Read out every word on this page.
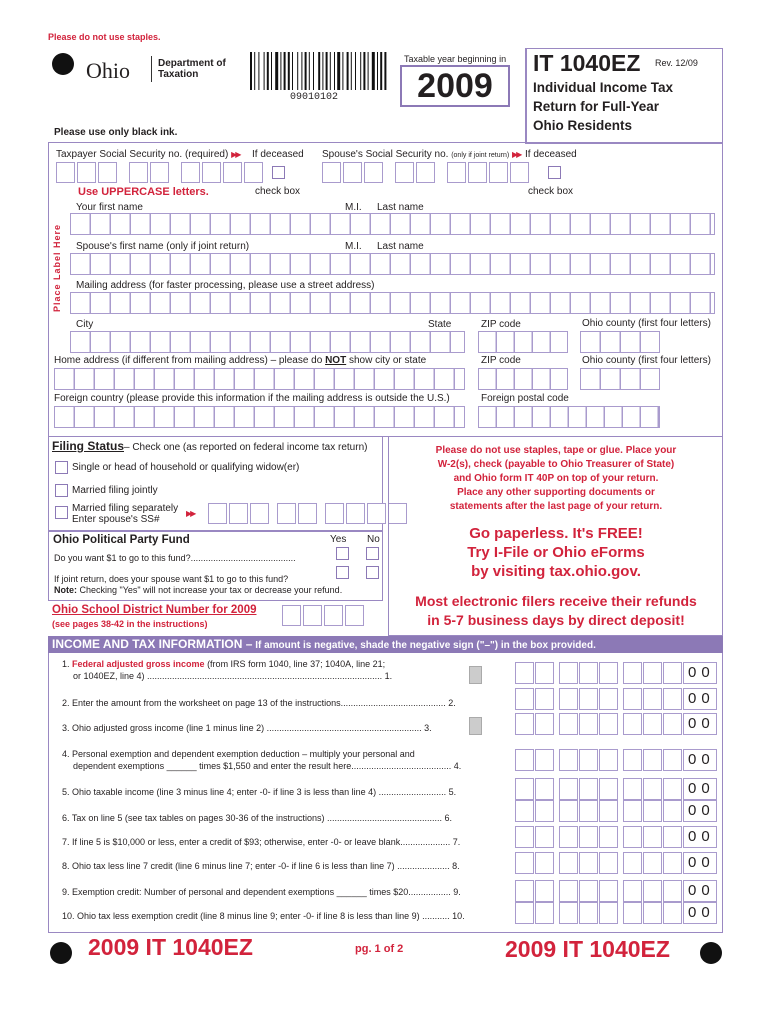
Please do not use staples.
Ohio	Department of
Taxation
09010102
Taxable year beginning in
2009
IT 1040EZ Rev. 12/09
Individual Income Tax
Return for Full-Year
Ohio Residents
Please use only black ink.
Taxpayer Social Security no. (required) ▶▶ If deceased Spouse's Social Security no. (only if joint return) ▶▶ If deceased
check box	check box
Use UPPERCASE letters.
Place Label Here
Your first name	M.I. Last name
Spouse's first name (only if joint return)	M.I. Last name
Mailing address (for faster processing, please use a street address)
City	State	ZIP code	Ohio county (first four letters)
Home address (if different from mailing address) – please do NOT show city or state	ZIP code	Ohio county (first four letters)
Foreign country (please provide this information if the mailing address is outside the U.S.)	Foreign postal code
Filing Status– Check one (as reported on federal income tax return)
Single or head of household or qualifying widow(er)
Married filing jointly
Married filing separately
Enter spouse's SS#
▶▶
Ohio Political Party Fund	Yes No
Do you want $1 to go to this fund?..........................................
If joint return, does your spouse want $1 to go to this fund?
Note: Checking "Yes" will not increase your tax or decrease your refund.
Ohio School District Number for 2009
(see pages 38-42 in the instructions)
Please do not use staples, tape or glue. Place your
W-2(s), check (payable to Ohio Treasurer of State)
and Ohio form IT 40P on top of your return.
Place any other supporting documents or
statements after the last page of your return.
Go paperless. It's FREE!
Try I-File or Ohio eForms
by visiting tax.ohio.gov.
Most electronic filers receive their refunds
in 5-7 business days by direct deposit!
INCOME AND TAX INFORMATION – If amount is negative, shade the negative sign ("–") in the box provided.
1. Federal adjusted gross income (from IRS form 1040, line 37; 1040A, line 21;
or 1040EZ, line 4) .............................................................................................. 1.	00
2. Enter the amount from the worksheet on page 13 of the instructions.......................................... 2.	00
3. Ohio adjusted gross income (line 1 minus line 2) .............................................................. 3.	00
4. Personal exemption and dependent exemption deduction – multiply your personal and
dependent exemptions ______ times $1,550 and enter the result here........................................ 4.	00
5. Ohio taxable income (line 3 minus line 4; enter -0- if line 3 is less than line 4) ........................... 5.	00
6. Tax on line 5 (see tax tables on pages 30-36 of the instructions) .............................................. 6.	00
7. If line 5 is $10,000 or less, enter a credit of $93; otherwise, enter -0- or leave blank.................... 7.	00
8. Ohio tax less line 7 credit (line 6 minus line 7; enter -0- if line 6 is less than line 7) ..................... 8.	00
9. Exemption credit: Number of personal and dependent exemptions ______ times $20................. 9.	00
10. Ohio tax less exemption credit (line 8 minus line 9; enter -0- if line 8 is less than line 9) ........... 10.	00
2009 IT 1040EZ	pg. 1 of 2	2009 IT 1040EZ
